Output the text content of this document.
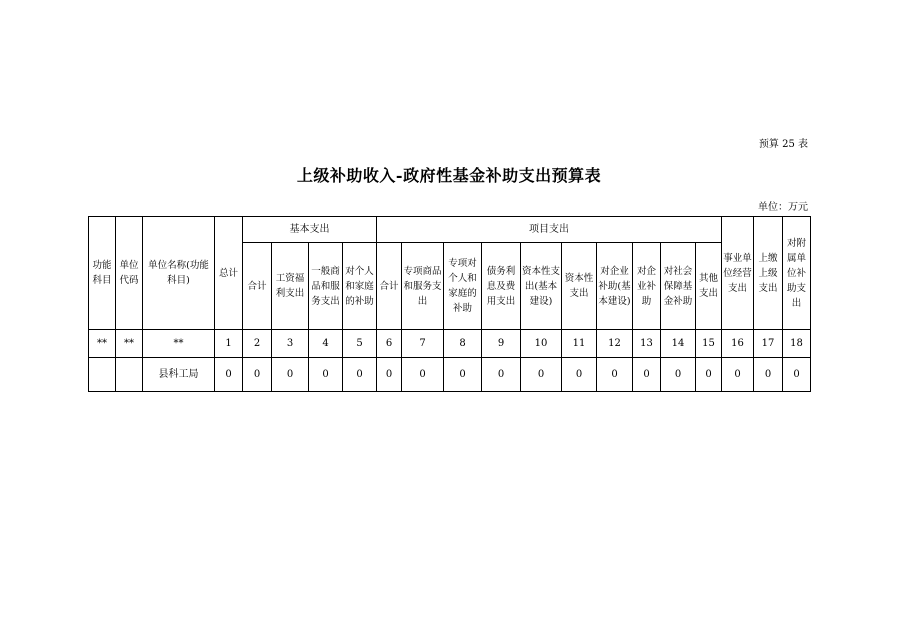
预算 25 表
上级补助收入-政府性基金补助支出预算表
单位：万元
功能科目	单位代码	单位名称(功能科目)	总计	基本支出				项目支出										事业单位经营支出	上缴上级支出	对附属单位补助支出
				合计	工资福利支出	一般商品和服务支出	对个人和家庭的补助	合计	专项商品和服务支出	专项对个人和家庭的补助	债务利息及费用支出	资本性支出(基本建设)	资本性支出	对企业补助(基本建设)	对企业补助	对社会保障基金补助	其他支出			
**	**	**	1	2	3	4	5	6	7	8	9	10	11	12	13	14	15	16	17	18
		县科工局	0	0	0	0	0	0	0	0	0	0	0	0	0	0	0	0	0	0
